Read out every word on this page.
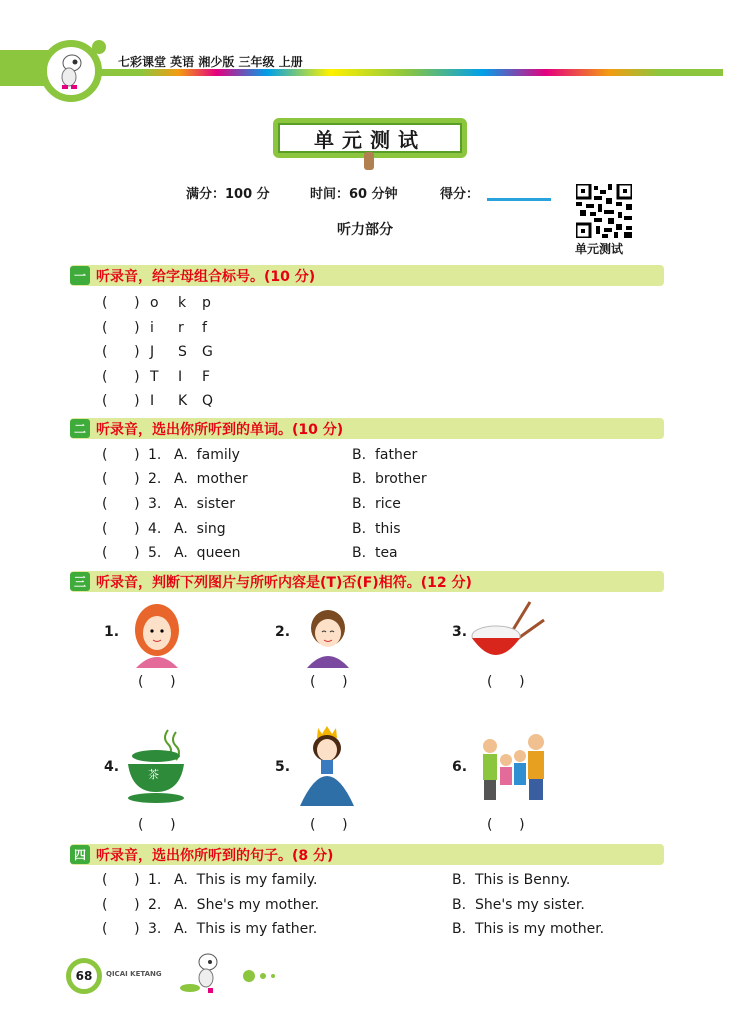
七彩课堂 英语 湘少版 三年级 上册
单元测试
满分：100 分	时间：60 分钟	得分：
单元测试
听力部分
一 听录音，给字母组合标号。(10 分)
(      ) o k p
(      ) i r f
(      ) J S G
(      ) T I F
(      ) I K Q
二 听录音，选出你所听到的单词。(10 分)
(      ) 1. A.  family	B.  father
(      ) 2. A.  mother	B.  brother
(      ) 3. A.  sister	B.  rice
(      ) 4. A.  sing	B.  this
(      ) 5. A.  queen	B.  tea
三 听录音，判断下列图片与所听内容是(T)否(F)相符。(12 分)
1.	2.	3.
(      )	(      )	(      )
4.	茶	5.	6.
(      )	(      )	(      )
四 听录音，选出你所听到的句子。(8 分)
(      ) 1. A.  This is my family.	B.  This is Benny.
(      ) 2. A.  She's my mother.	B.  She's my sister.
(      ) 3. A.  This is my father.	B.  This is my mother.
68	QICAI KETANG
